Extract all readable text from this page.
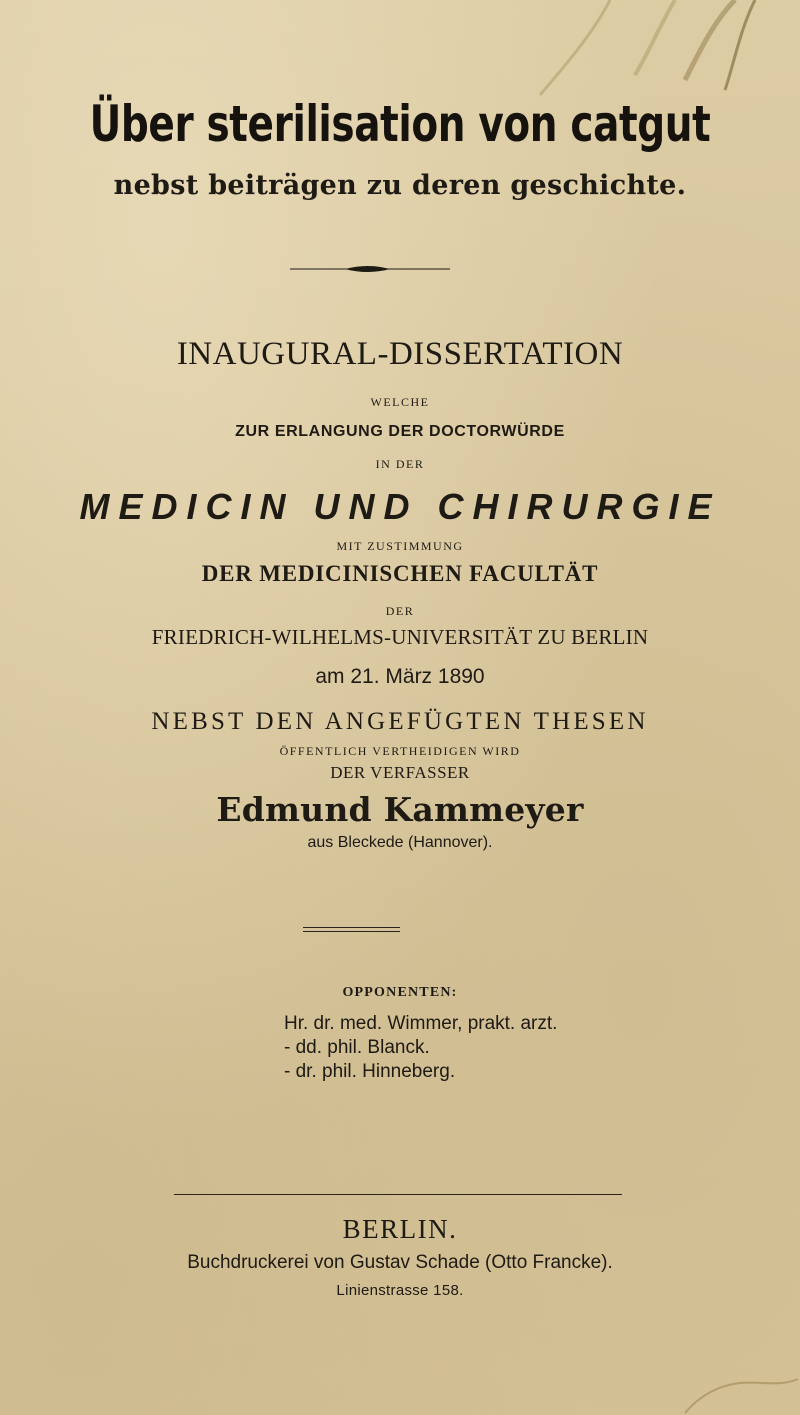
Über sterilisation von catgut

nebst beiträgen zu deren geschichte.

INAUGURAL-DISSERTATION

WELCHE

ZUR ERLANGUNG DER DOCTORWÜRDE

IN DER

MEDICIN UND CHIRURGIE

MIT ZUSTIMMUNG

DER MEDICINISCHEN FACULTÄT

DER

FRIEDRICH-WILHELMS-UNIVERSITÄT ZU BERLIN

am 21. März 1890

NEBST DEN ANGEFÜGTEN THESEN

ÖFFENTLICH VERTHEIDIGEN WIRD

DER VERFASSER

Edmund Kammeyer

aus Bleckede (Hannover).

OPPONENTEN:

Hr. dr. med. Wimmer, prakt. arzt.
- dd. phil. Blanck.
- dr. phil. Hinneberg.

BERLIN.

Buchdruckerei von Gustav Schade (Otto Francke).

Linienstrasse 158.
